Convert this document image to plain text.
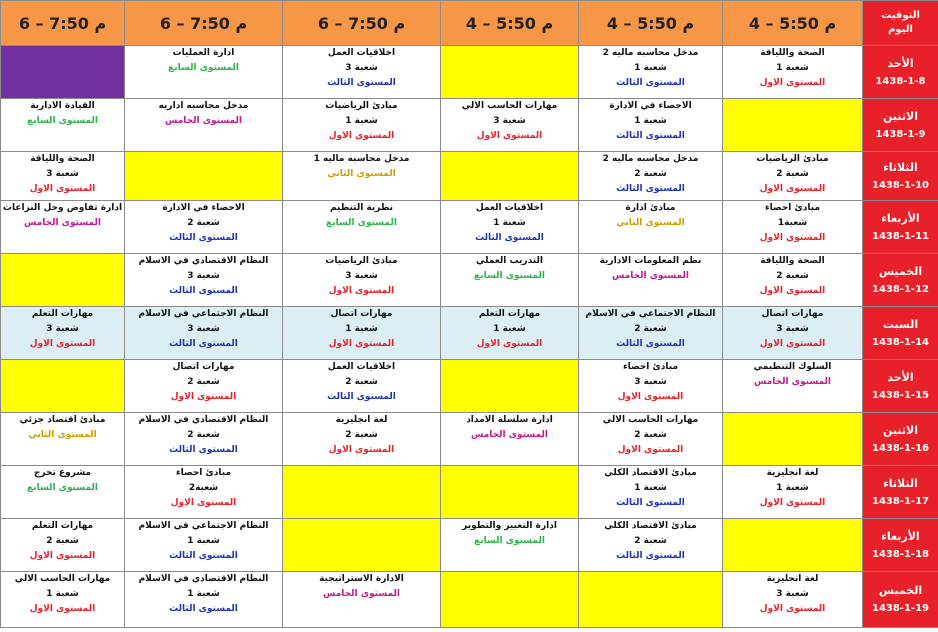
التوقيت
اليوم	4 – 5:50 م	4 – 5:50 م	4 – 5:50 م	6 – 7:50 م	6 – 7:50 م	6 – 7:50 م
الأحد
1438-1-8	الصحة واللياقة
شعبة 1
المستوى الاول	مدخل محاسبه ماليه 2
شعبة 1
المستوى الثالث		اخلاقيات العمل
شعبة 3
المستوى الثالث	ادارة العمليات
المستوى السابع	

الاثنين
1438-1-9		الاحصاء في الادارة
شعبة 1
المستوى الثالث	مهارات الحاسب الالي
شعبة 3
المستوى الاول	مبادئ الرياضيات
شعبة 1
المستوى الاول	مدخل محاسبه اداريه
المستوى الخامس	القيادة الادارية
المستوى السابع

الثلاثاء
1438-1-10	مبادئ الرياضيات
شعبة 2
المستوى الاول	مدخل محاسبه ماليه 2
شعبة 2
المستوى الثالث		مدخل محاسبه ماليه 1
المستوى الثاني		الصحة واللياقة
شعبة 3
المستوى الاول

الأربعاء
1438-1-11	مبادئ احصاء
شعبة1
المستوى الاول	مبادئ ادارة
المستوى الثاني	اخلاقيات العمل
شعبة 1
المستوى الثالث	نظرية التنظيم
المستوى السابع	الاحصاء في الادارة
شعبة 2
المستوى الثالث	ادارة تفاوض وحل النزاعات
المستوى الخامس

الخميس
1438-1-12	الصحة واللياقة
شعبة 2
المستوى الاول	نظم المعلومات الادارية
المستوى الخامس	التدريب العملي
المستوى السابع	مبادئ الرياضيات
شعبة 3
المستوى الاول	النظام الاقتصادي في الاسلام
شعبة 3
المستوى الثالث	

السبت
1438-1-14	مهارات اتصال
شعبة 3
المستوى الاول	النظام الاجتماعي في الاسلام
شعبة 2
المستوى الثالث	مهارات التعلم
شعبة 1
المستوى الاول	مهارات اتصال
شعبة 1
المستوى الاول	النظام الاجتماعي في الاسلام
شعبة 3
المستوى الثالث	مهارات التعلم
شعبة 3
المستوى الاول

الأحد
1438-1-15	السلوك التنظيمي
المستوى الخامس	مبادئ احصاء
شعبة 3
المستوى الاول		اخلاقيات العمل
شعبة 2
المستوى الثالث	مهارات اتصال
شعبة 2
المستوى الاول	

الاثنين
1438-1-16		مهارات الحاسب الالي
شعبة 2
المستوى الاول	ادارة سلسلة الامداد
المستوى الخامس	لغة انجليزية
شعبة 2
المستوى الاول	النظام الاقتصادي في الاسلام
شعبة 2
المستوى الثالث	مبادئ اقتصاد جزئي
المستوى الثاني

الثلاثاء
1438-1-17	لغة انجليزية
شعبة 1
المستوى الاول	مبادئ الاقتصاد الكلي
شعبة 1
المستوى الثالث			مبادئ احصاء
شعبة2
المستوى الاول	مشروع تخرج
المستوى السابع

الأربعاء
1438-1-18		مبادئ الاقتصاد الكلي
شعبة 2
المستوى الثالث	ادارة التغيير والتطوير
المستوى السابع		النظام الاجتماعي في الاسلام
شعبة 1
المستوى الثالث	مهارات التعلم
شعبة 2
المستوى الاول

الخميس
1438-1-19	لغة انجليزية
شعبة 3
المستوى الاول			الادارة الاستراتيجية
المستوى الخامس	النظام الاقتصادي في الاسلام
شعبة 1
المستوى الثالث	مهارات الحاسب الالي
شعبة 1
المستوى الاول
